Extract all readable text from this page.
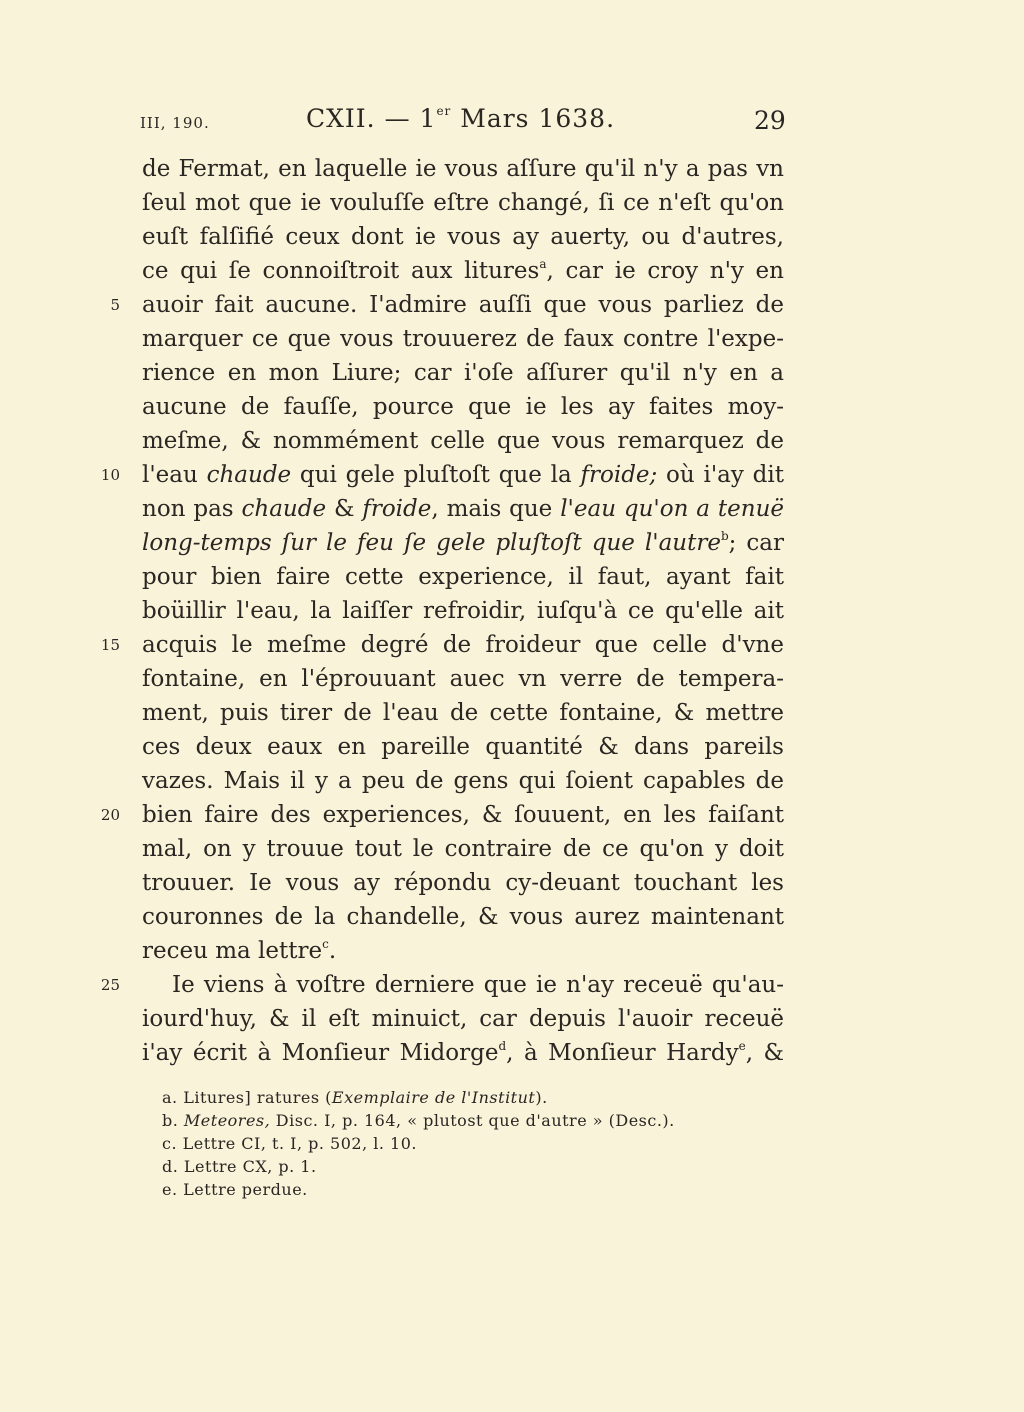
III, 190.	CXII. — 1er Mars 1638.	29
de Fermat, en laquelle ie vous aſſure qu'il n'y a pas vn
ſeul mot que ie vouluſſe eſtre changé, ſi ce n'eſt qu'on
euſt falſifié ceux dont ie vous ay auerty, ou d'autres,
ce qui ſe connoiſtroit aux litures$^a$, car ie croy n'y en
auoir fait aucune. I'admire auſſi que vous parliez de
5
marquer ce que vous trouuerez de faux contre l'expe-
rience en mon Liure; car i'oſe aſſurer qu'il n'y en a
aucune de fauſſe, pource que ie les ay faites moy-
meſme, & nommément celle que vous remarquez de
l'eau chaude qui gele pluſtoſt que la froide; où i'ay dit
10
non pas chaude & froide, mais que l'eau qu'on a tenuë
long-temps ſur le feu ſe gele pluſtoſt que l'autre$^b$; car
pour bien faire cette experience, il faut, ayant fait
boüillir l'eau, la laiſſer refroidir, iuſqu'à ce qu'elle ait
acquis le meſme degré de froideur que celle d'vne
15
fontaine, en l'éprouuant auec vn verre de tempera-
ment, puis tirer de l'eau de cette fontaine, & mettre
ces deux eaux en pareille quantité & dans pareils
vazes. Mais il y a peu de gens qui ſoient capables de
bien faire des experiences, & ſouuent, en les faiſant
20
mal, on y trouue tout le contraire de ce qu'on y doit
trouuer. Ie vous ay répondu cy-deuant touchant les
couronnes de la chandelle, & vous aurez maintenant
receu ma lettre$^c$.
Ie viens à voſtre derniere que ie n'ay receuë qu'au-
25
iourd'huy, & il eſt minuict, car depuis l'auoir receuë
i'ay écrit à Monſieur Midorge$^d$, à Monſieur Hardy$^e$, &
a. Litures] ratures (Exemplaire de l'Institut).
b. Meteores, Disc. I, p. 164, « plutost que d'autre » (Desc.).
c. Lettre CI, t. I, p. 502, l. 10.
d. Lettre CX, p. 1.
e. Lettre perdue.
